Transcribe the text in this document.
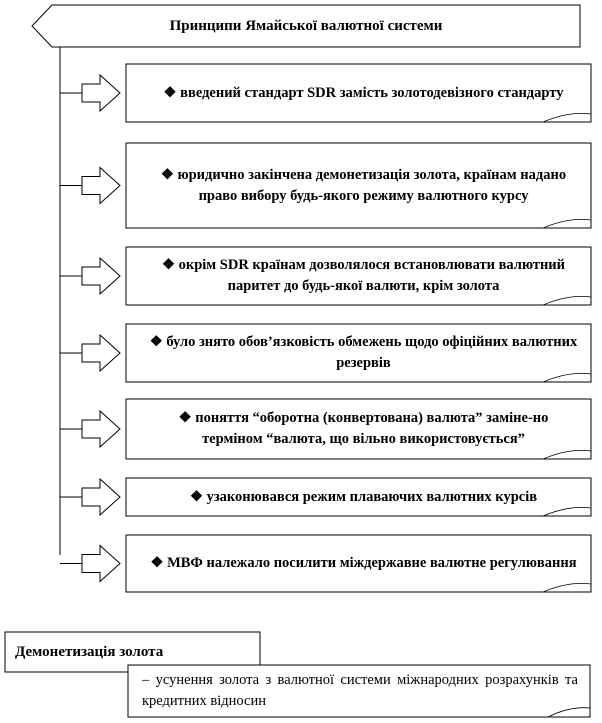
Принципи Ямайської валютної системи
❖ введений стандарт SDR замість золотодевізного стандарту
❖ юридично закінчена демонетизація золота, країнам надано право вибору будь-якого режиму валютного курсу
❖ окрім SDR країнам дозволялося встановлювати валютний паритет до будь-якої валюти, крім золота
❖ було знято обов’язковість обмежень щодо офіційних валютних резервів
❖ поняття “оборотна (конвертована) валюта” заміне-но терміном “валюта, що вільно використовується”
❖ узаконювався режим плаваючих валютних курсів
❖ МВФ належало посилити міждержавне валютне регулювання
Демонетизація золота
– усунення золота з валютної системи міжнародних розрахунків та кредитних відносин
